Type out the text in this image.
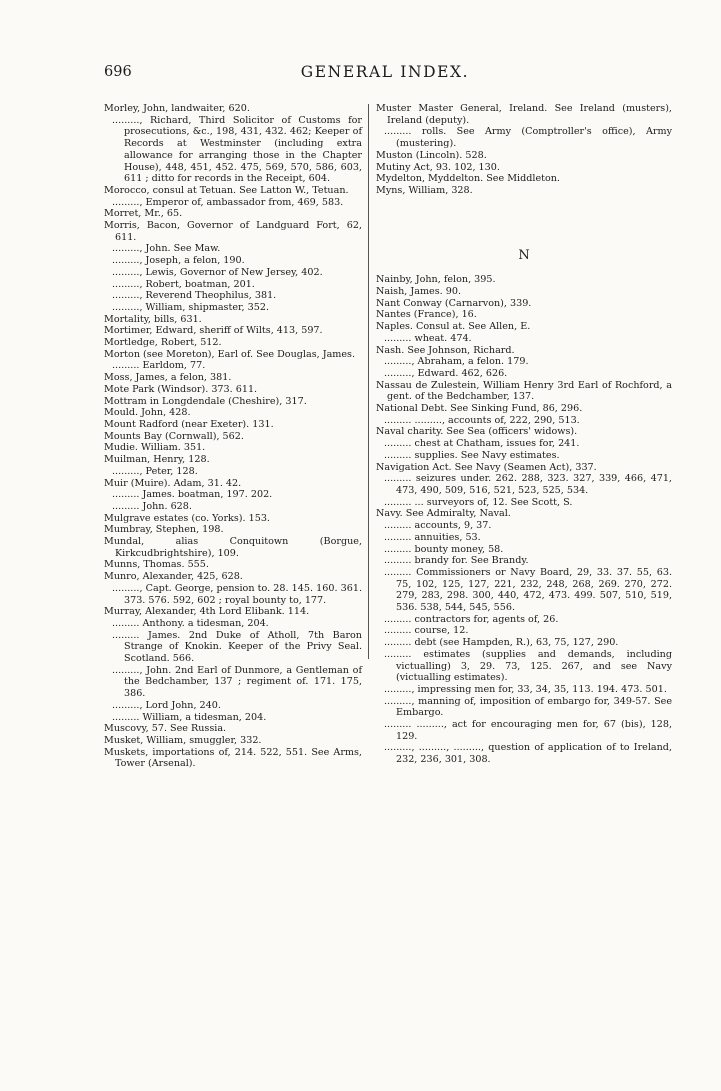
696	GENERAL INDEX.
Morley, John, landwaiter, 620.
........., Richard, Third Solicitor of Customs for prosecutions, &c., 198, 431, 432. 462; Keeper of Records at Westminster (including extra allowance for arranging those in the Chapter House), 448, 451, 452. 475, 569, 570, 586, 603, 611 ; ditto for records in the Receipt, 604.
Morocco, consul at Tetuan. See Latton W., Tetuan.
........., Emperor of, ambassador from, 469, 583.
Morret, Mr., 65.
Morris, Bacon, Governor of Landguard Fort, 62, 611.
........., John. See Maw.
........., Joseph, a felon, 190.
........., Lewis, Governor of New Jersey, 402.
........., Robert, boatman, 201.
........., Reverend Theophilus, 381.
........., William, shipmaster, 352.
Mortality, bills, 631.
Mortimer, Edward, sheriff of Wilts, 413, 597.
Mortledge, Robert, 512.
Morton (see Moreton), Earl of. See Douglas, James.
......... Earldom, 77.
Moss, James, a felon, 381.
Mote Park (Windsor). 373. 611.
Mottram in Longdendale (Cheshire), 317.
Mould. John, 428.
Mount Radford (near Exeter). 131.
Mounts Bay (Cornwall), 562.
Mudie. William. 351.
Muilman, Henry, 128.
........., Peter, 128.
Muir (Muire). Adam, 31. 42.
......... James. boatman, 197. 202.
......... John. 628.
Mulgrave estates (co. Yorks). 153.
Mumbray, Stephen, 198.
Mundal, alias Conquitown (Borgue, Kirkcudbrightshire), 109.
Munns, Thomas. 555.
Munro, Alexander, 425, 628.
........., Capt. George, pension to. 28. 145. 160. 361. 373. 576. 592, 602 ; royal bounty to, 177.
Murray, Alexander, 4th Lord Elibank. 114.
......... Anthony. a tidesman, 204.
......... James. 2nd Duke of Atholl, 7th Baron Strange of Knokin. Keeper of the Privy Seal. Scotland. 566.
........., John. 2nd Earl of Dunmore, a Gentleman of the Bedchamber, 137 ; regiment of. 171. 175, 386.
........., Lord John, 240.
......... William, a tidesman, 204.
Muscovy, 57. See Russia.
Musket, William, smuggler, 332.
Muskets, importations of, 214. 522, 551. See Arms, Tower (Arsenal).
Muster Master General, Ireland. See Ireland (musters), Ireland (deputy).
......... rolls. See Army (Comptroller's office), Army (mustering).
Muston (Lincoln). 528.
Mutiny Act, 93. 102, 130.
Mydelton, Myddelton. See Middleton.
Myns, William, 328.
N
Nainby, John, felon, 395.
Naish, James. 90.
Nant Conway (Carnarvon), 339.
Nantes (France), 16.
Naples. Consul at. See Allen, E.
......... wheat. 474.
Nash. See Johnson, Richard.
........., Abraham, a felon. 179.
........., Edward. 462, 626.
Nassau de Zulestein, William Henry 3rd Earl of Rochford, a gent. of the Bedchamber, 137.
National Debt. See Sinking Fund, 86, 296.
......... ........., accounts of, 222, 290, 513.
Naval charity. See Sea (officers' widows).
......... chest at Chatham, issues for, 241.
......... supplies. See Navy estimates.
Navigation Act. See Navy (Seamen Act), 337.
......... seizures under. 262. 288, 323. 327, 339, 466, 471, 473, 490, 509, 516, 521, 523, 525, 534.
......... ... surveyors of, 12. See Scott, S.
Navy. See Admiralty, Naval.
......... accounts, 9, 37.
......... annuities, 53.
......... bounty money, 58.
......... brandy for. See Brandy.
......... Commissioners or Navy Board, 29, 33. 37. 55, 63. 75, 102, 125, 127, 221, 232, 248, 268, 269. 270, 272. 279, 283, 298. 300, 440, 472, 473. 499. 507, 510, 519, 536. 538, 544, 545, 556.
......... contractors for, agents of, 26.
......... course, 12.
......... debt (see Hampden, R.), 63, 75, 127, 290.
......... estimates (supplies and demands, including victualling) 3, 29. 73, 125. 267, and see Navy (victualling estimates).
........., impressing men for, 33, 34, 35, 113. 194. 473. 501.
........., manning of, imposition of embargo for, 349-57. See Embargo.
......... ........., act for encouraging men for, 67 (bis), 128, 129.
........., ........., ........., question of application of to Ireland, 232, 236, 301, 308.
